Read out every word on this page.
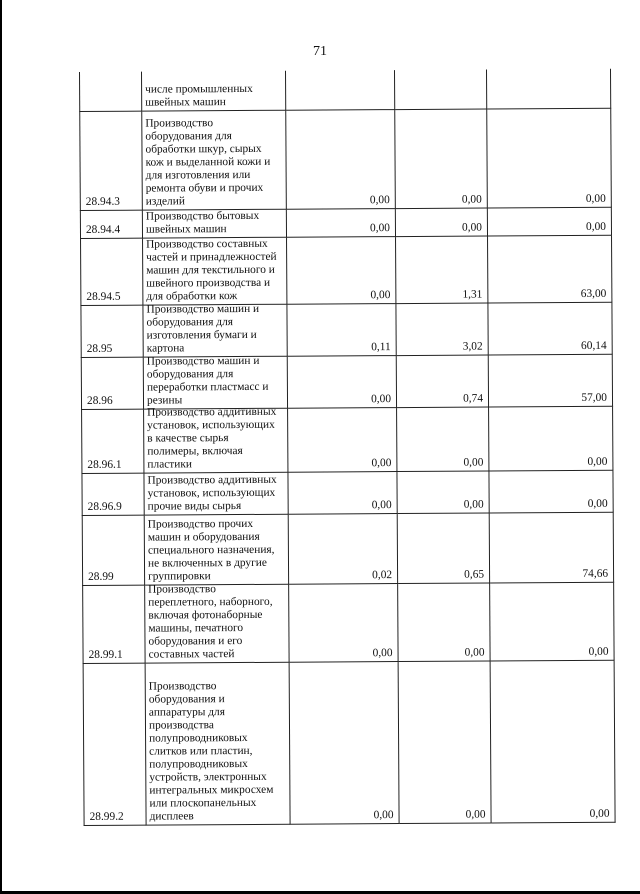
71
числе промышленных
швейных машин
28.94.3
Производство
оборудования для
обработки шкур, сырых
кож и выделанной кожи и
для изготовления или
ремонта обуви и прочих
изделий	0,00	0,00	0,00
28.94.4
Производство бытовых
швейных машин	0,00	0,00	0,00
28.94.5
Производство составных
частей и принадлежностей
машин для текстильного и
швейного производства и
для обработки кож	0,00	1,31	63,00
28.95
Производство машин и
оборудования для
изготовления бумаги и
картона	0,11	3,02	60,14
28.96
Производство машин и
оборудования для
переработки пластмасс и
резины	0,00	0,74	57,00
28.96.1
Производство аддитивных
установок, использующих
в качестве сырья
полимеры, включая
пластики	0,00	0,00	0,00
28.96.9
Производство аддитивных
установок, использующих
прочие виды сырья	0,00	0,00	0,00
28.99
Производство прочих
машин и оборудования
специального назначения,
не включенных в другие
группировки	0,02	0,65	74,66
28.99.1
Производство
переплетного, наборного,
включая фотонаборные
машины, печатного
оборудования и его
составных частей	0,00	0,00	0,00
28.99.2
Производство
оборудования и
аппаратуры для
производства
полупроводниковых
слитков или пластин,
полупроводниковых
устройств, электронных
интегральных микросхем
или плоскопанельных
дисплеев	0,00	0,00	0,00
